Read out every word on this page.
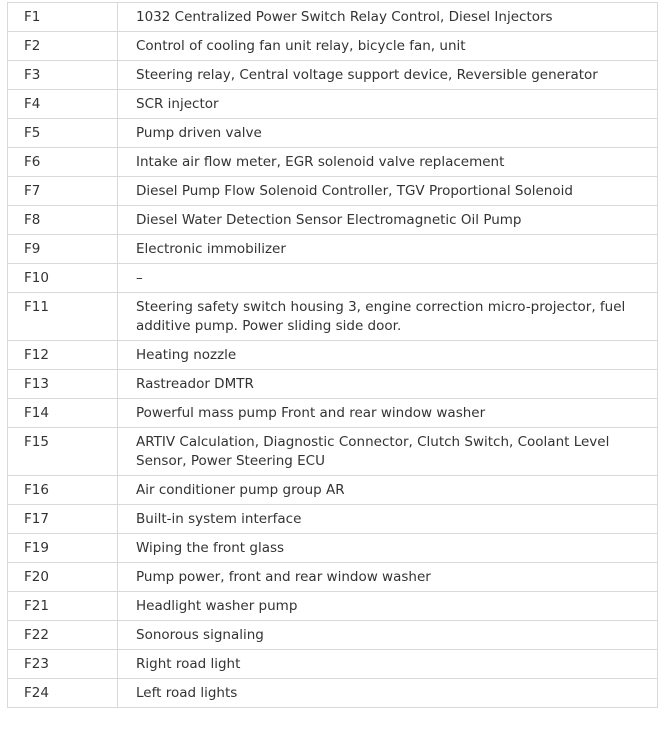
F1	1032 Centralized Power Switch Relay Control, Diesel Injectors
F2	Control of cooling fan unit relay, bicycle fan, unit
F3	Steering relay, Central voltage support device, Reversible generator
F4	SCR injector
F5	Pump driven valve
F6	Intake air flow meter, EGR solenoid valve replacement
F7	Diesel Pump Flow Solenoid Controller, TGV Proportional Solenoid
F8	Diesel Water Detection Sensor Electromagnetic Oil Pump
F9	Electronic immobilizer
F10	–
F11	Steering safety switch housing 3, engine correction micro-projector, fuel additive pump. Power sliding side door.
F12	Heating nozzle
F13	Rastreador DMTR
F14	Powerful mass pump Front and rear window washer
F15	ARTIV Calculation, Diagnostic Connector, Clutch Switch, Coolant Level Sensor, Power Steering ECU
F16	Air conditioner pump group AR
F17	Built-in system interface
F19	Wiping the front glass
F20	Pump power, front and rear window washer
F21	Headlight washer pump
F22	Sonorous signaling
F23	Right road light
F24	Left road lights
